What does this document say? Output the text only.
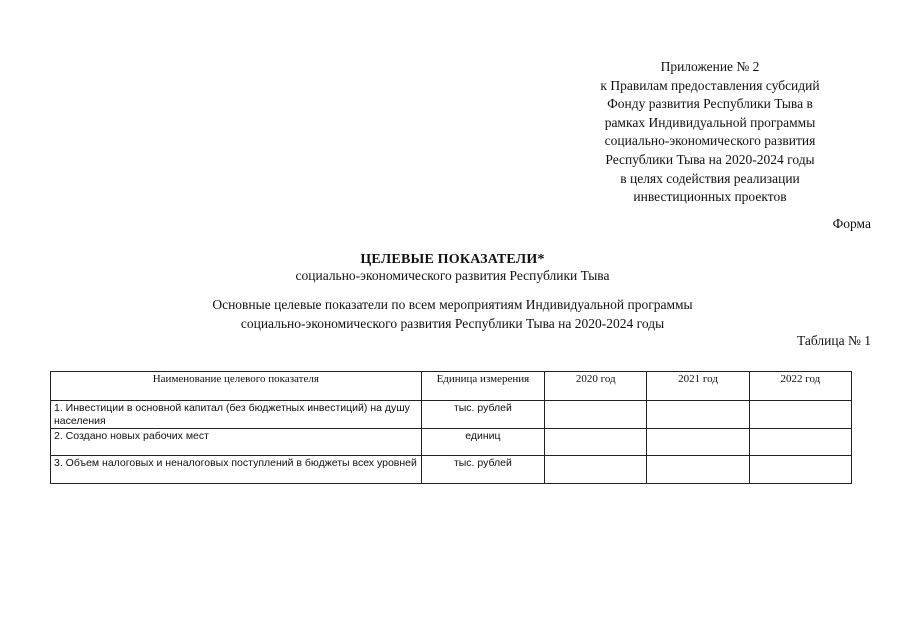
Приложение № 2
к Правилам предоставления субсидий
Фонду развития Республики Тыва в
рамках Индивидуальной программы
социально-экономического развития
Республики Тыва на 2020-2024 годы
в целях содействия реализации
инвестиционных проектов
Форма
ЦЕЛЕВЫЕ ПОКАЗАТЕЛИ*
социально-экономического развития Республики Тыва
Основные целевые показатели по всем мероприятиям Индивидуальной программы
социально-экономического развития Республики Тыва на 2020-2024 годы
Таблица № 1
Наименование целевого показателя	Единица измерения	2020 год	2021 год	2022 год
1. Инвестиции в основной капитал (без бюджетных инвестиций) на душу населения	тыс. рублей			
2. Создано новых рабочих мест	единиц			
3. Объем налоговых и неналоговых поступлений в бюджеты всех уровней	тыс. рублей			
